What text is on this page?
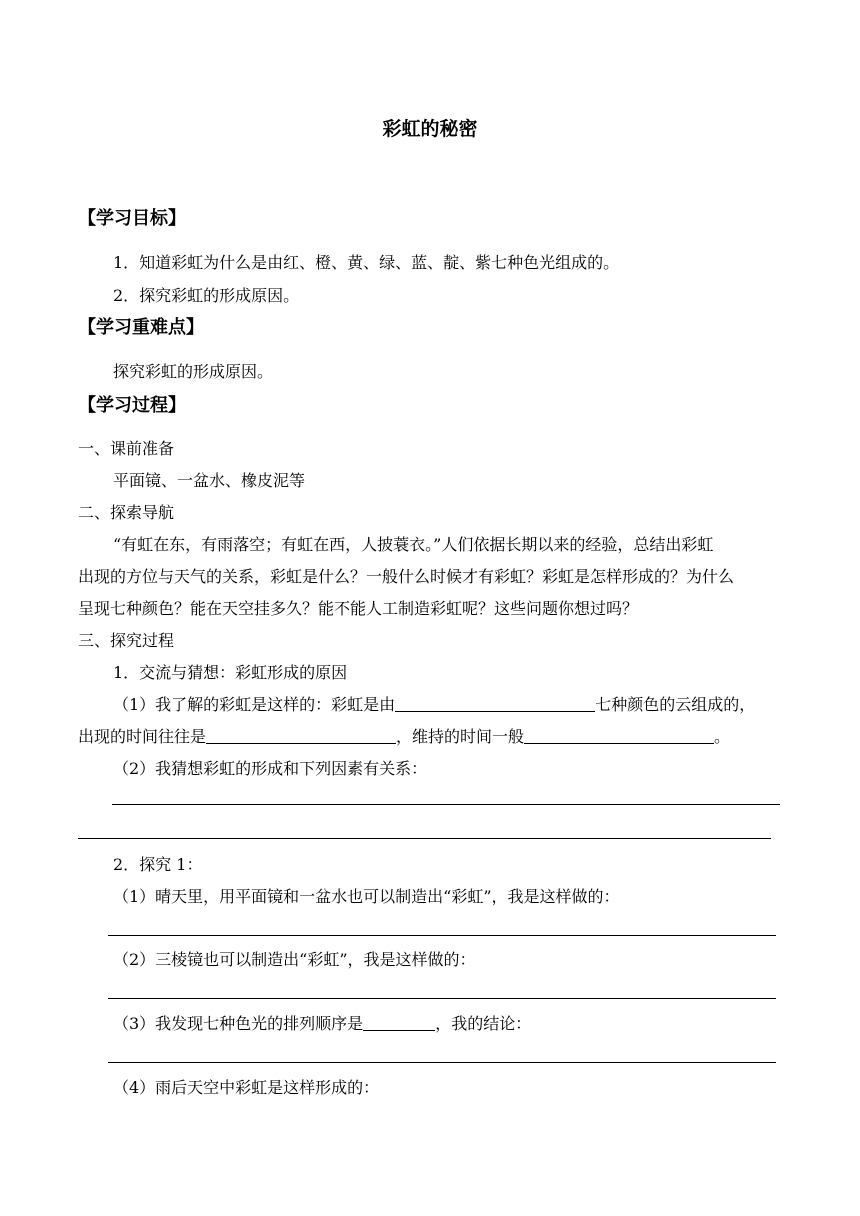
彩虹的秘密
【学习目标】
1．知道彩虹为什么是由红、橙、黄、绿、蓝、靛、紫七种色光组成的。
2．探究彩虹的形成原因。
【学习重难点】
探究彩虹的形成原因。
【学习过程】
一、课前准备
平面镜、一盆水、橡皮泥等
二、探索导航
“有虹在东，有雨落空；有虹在西，人披蓑衣。”人们依据长期以来的经验，总结出彩虹
出现的方位与天气的关系，彩虹是什么？一般什么时候才有彩虹？彩虹是怎样形成的？为什么
呈现七种颜色？能在天空挂多久？能不能人工制造彩虹呢？这些问题你想过吗？
三、探究过程
1．交流与猜想：彩虹形成的原因
（1）我了解的彩虹是这样的：彩虹是由	七种颜色的云组成的，
出现的时间往往是	，维持的时间一般	。
（2）我猜想彩虹的形成和下列因素有关系：
2．探究 1：
（1）晴天里，用平面镜和一盆水也可以制造出“彩虹”，我是这样做的：
（2）三棱镜也可以制造出“彩虹”，我是这样做的：
（3）我发现七种色光的排列顺序是	，我的结论：
（4）雨后天空中彩虹是这样形成的：
